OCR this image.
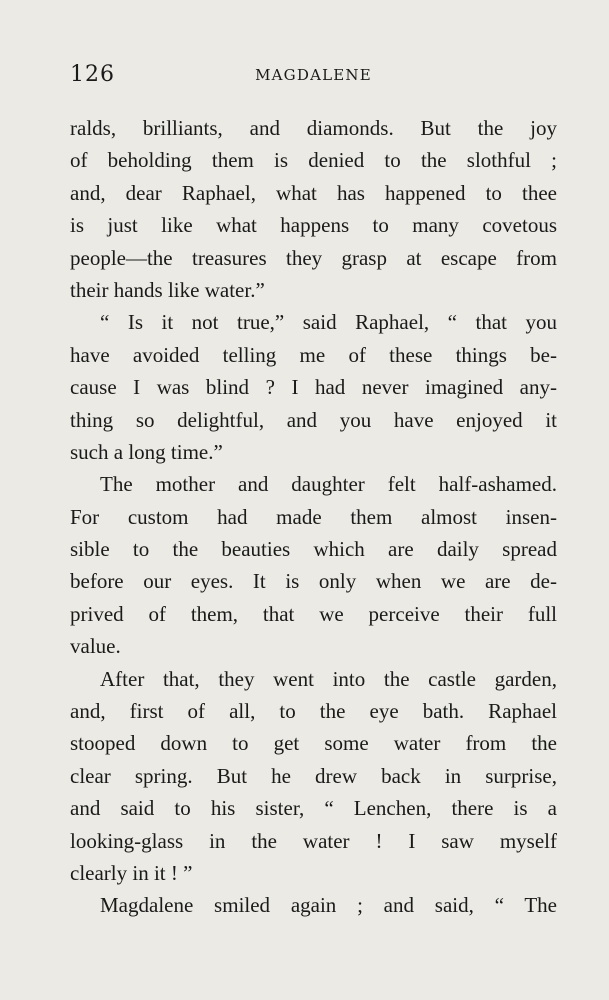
126	MAGDALENE
ralds, brilliants, and diamonds. But the joy
of beholding them is denied to the slothful ;
and, dear Raphael, what has happened to thee
is just like what happens to many covetous
people—the treasures they grasp at escape from
their hands like water.”
“ Is it not true,” said Raphael, “ that you
have avoided telling me of these things be-
cause I was blind ? I had never imagined any-
thing so delightful, and you have enjoyed it
such a long time.”
The mother and daughter felt half-ashamed.
For custom had made them almost insen-
sible to the beauties which are daily spread
before our eyes. It is only when we are de-
prived of them, that we perceive their full
value.
After that, they went into the castle garden,
and, first of all, to the eye bath. Raphael
stooped down to get some water from the
clear spring. But he drew back in surprise,
and said to his sister, “ Lenchen, there is a
looking-glass in the water ! I saw myself
clearly in it ! ”
Magdalene smiled again ; and said, “ The
